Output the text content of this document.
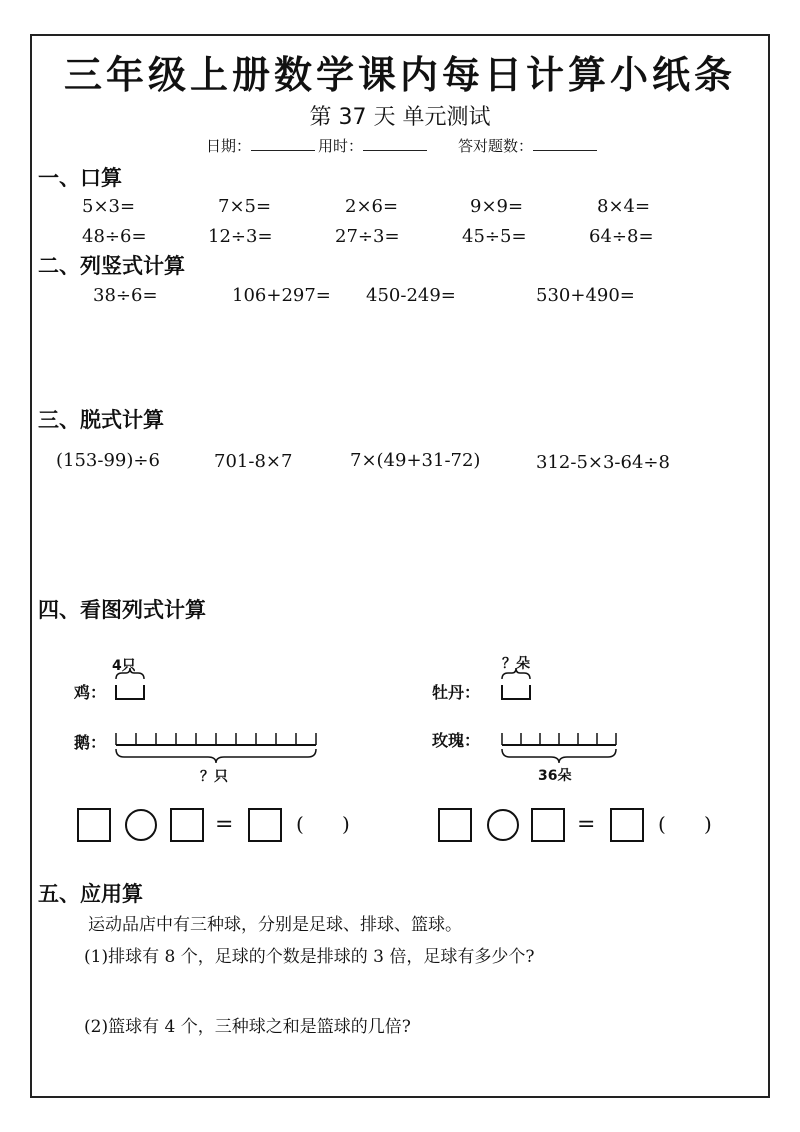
三年级上册数学课内每日计算小纸条
第 37 天 单元测试
日期：	用时：	答对题数：
一、口算
5×3=	7×5=	2×6=	9×9=	8×4=
48÷6=	12÷3=	27÷3=	45÷5=	64÷8=
二、列竖式计算
38÷6=	106+297= 450-249=	530+490=
三、脱式计算
(153-99)÷6	701-8×7	7×(49+31-72)	312-5×3-64÷8
四、看图列式计算
4只
鸡：
鹅：
？只
？朵
牡丹：
玫瑰：
36朵
=	(      )	=	(      )
五、应用算
运动品店中有三种球，分别是足球、排球、篮球。
(1)排球有 8 个，足球的个数是排球的 3 倍，足球有多少个?
(2)篮球有 4 个，三种球之和是篮球的几倍?
